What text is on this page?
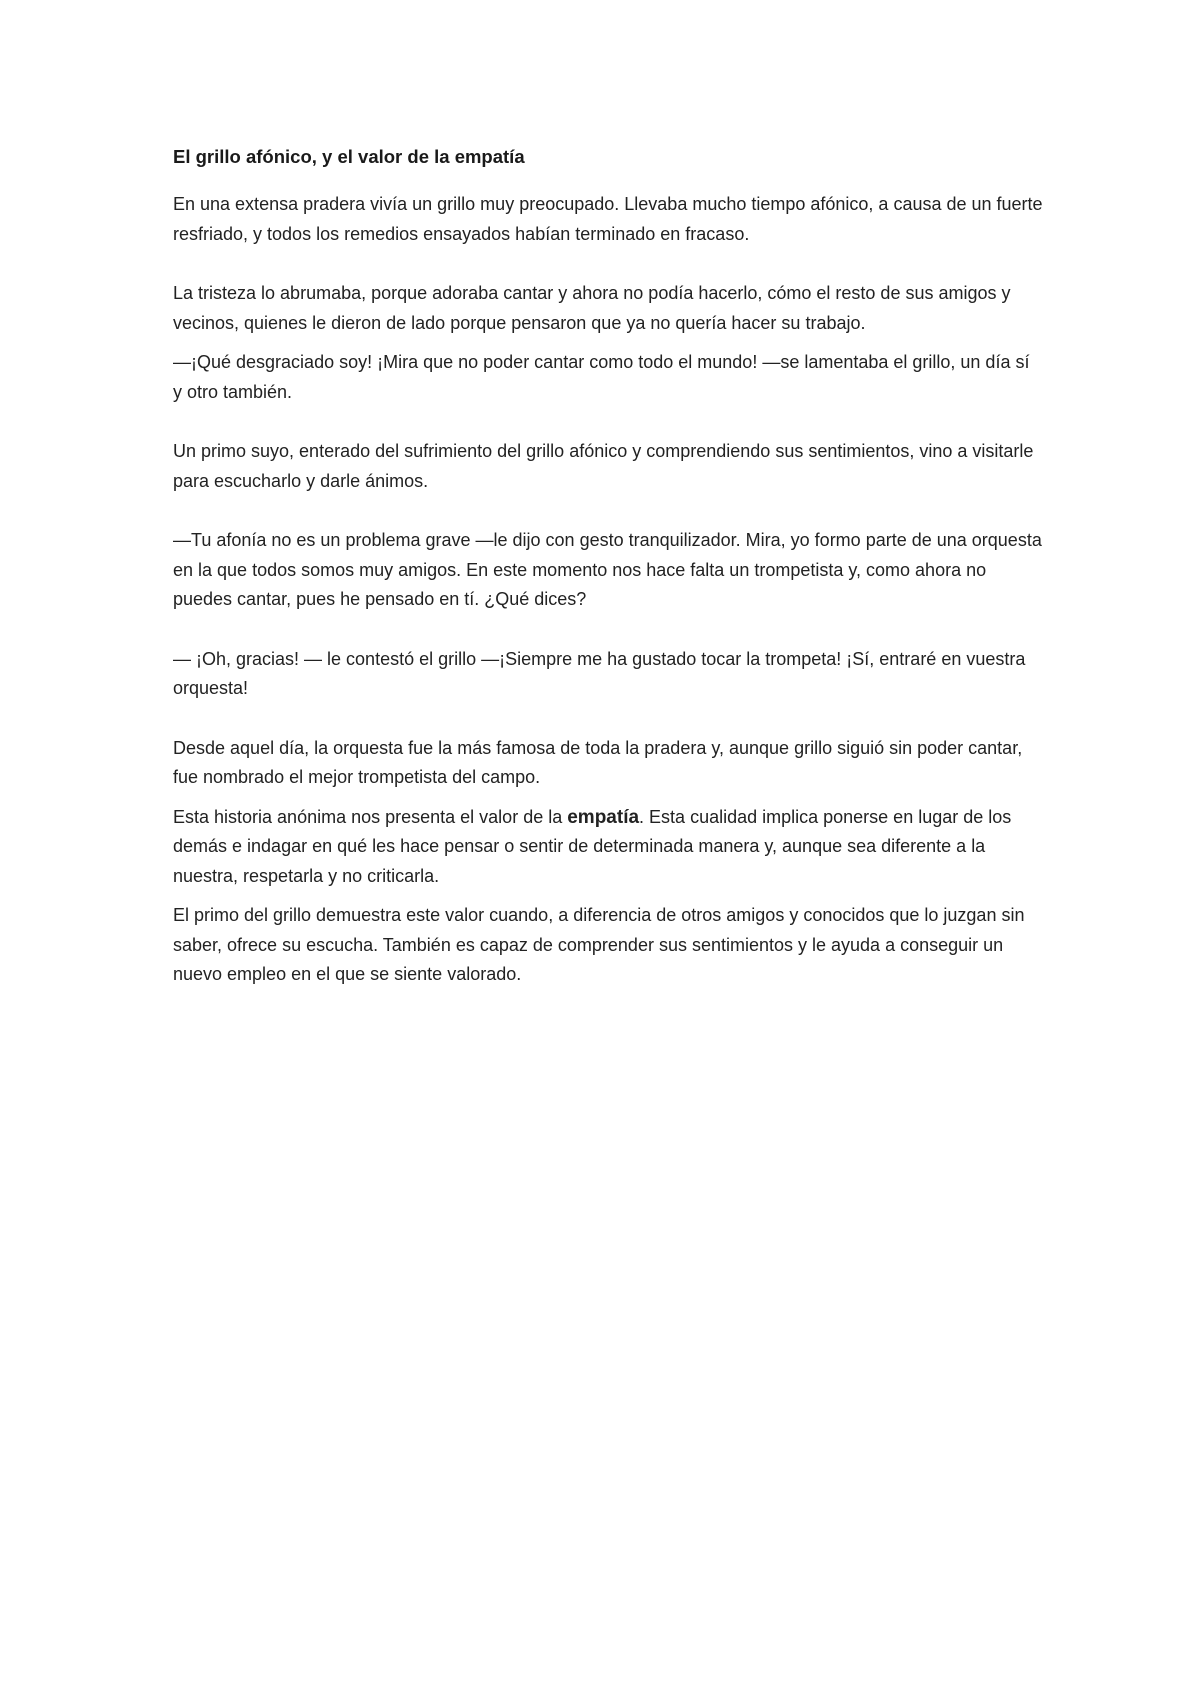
El grillo afónico, y el valor de la empatía

En una extensa pradera vivía un grillo muy preocupado. Llevaba mucho tiempo afónico, a causa de un fuerte resfriado, y todos los remedios ensayados habían terminado en fracaso.

La tristeza lo abrumaba, porque adoraba cantar y ahora no podía hacerlo, cómo el resto de sus amigos y vecinos, quienes le dieron de lado porque pensaron que ya no quería hacer su trabajo.

—¡Qué desgraciado soy! ¡Mira que no poder cantar como todo el mundo! —se lamentaba el grillo, un día sí y otro también.

Un primo suyo, enterado del sufrimiento del grillo afónico y comprendiendo sus sentimientos, vino a visitarle para escucharlo y darle ánimos.

—Tu afonía no es un problema grave —le dijo con gesto tranquilizador. Mira, yo formo parte de una orquesta en la que todos somos muy amigos. En este momento nos hace falta un trompetista y, como ahora no puedes cantar, pues he pensado en tí. ¿Qué dices?

— ¡Oh, gracias! — le contestó el grillo —¡Siempre me ha gustado tocar la trompeta! ¡Sí, entraré en vuestra orquesta!

Desde aquel día, la orquesta fue la más famosa de toda la pradera y, aunque grillo siguió sin poder cantar, fue nombrado el mejor trompetista del campo.

Esta historia anónima nos presenta el valor de la empatía. Esta cualidad implica ponerse en lugar de los demás e indagar en qué les hace pensar o sentir de determinada manera y, aunque sea diferente a la nuestra, respetarla y no criticarla.

El primo del grillo demuestra este valor cuando, a diferencia de otros amigos y conocidos que lo juzgan sin saber, ofrece su escucha. También es capaz de comprender sus sentimientos y le ayuda a conseguir un nuevo empleo en el que se siente valorado.
